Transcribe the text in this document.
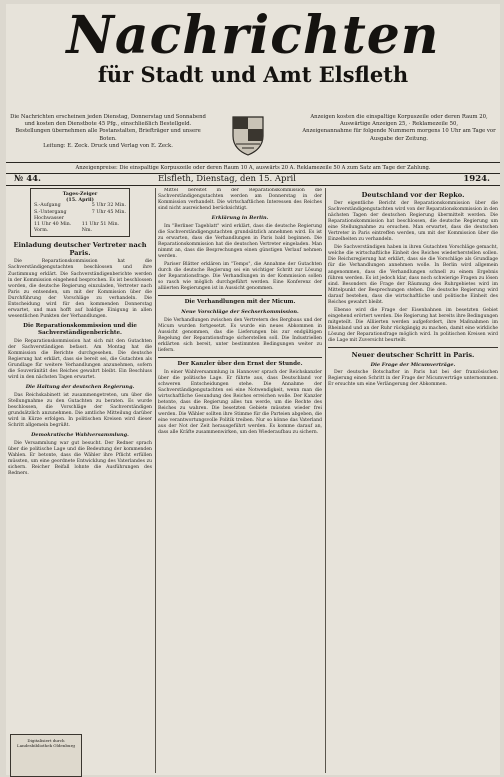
Nachrichten
für Stadt und Amt Elsfleth
Die Nachrichten erscheinen jeden Dienstag, Donnerstag und Sonnabend
und kosten den Dienstbote 45 Pfg., einschließlich Bestellgeld.
Bestellungen übernehmen alle Postanstalten, Briefträger und unsere Boten.
Leitung: E. Zeck. Druck und Verlag von E. Zeck.
Anzeigen kosten die einspaltige Korpuszeile oder deren Raum 20,
Auswärtige Anzeigen 25, · Reklamezeile 50,
Anzeigenannahme für folgende Nummern morgens 10 Uhr am Tage vor
Ausgabe der Zeitung.
Anzeigenpreise: Die einspaltige Korpuszeile oder deren Raum 10 A, auswärts 20 A. Reklamezeile 50 A zum Satz am Tage der Zahlung.
№ 44.	Elsfleth, Dienstag, den 15. April	1924.
Tages-Zeiger
(15. April)
S.-Aufgang	5 Uhr 32 Min.
S.-Untergang	7 Uhr 45 Min.
Hochwasser
11 Uhr 40 Min. Vorm.
11 Uhr 51 Min. Nm.
Einladung deutscher Vertreter nach Paris.

Die Reparationskommission hat die Sachverständigengutachten beschlossen und ihre Zustimmung erklärt. Die Sachverständigenberichte werden in der Kommission eingehend besprochen. Es ist beschlossen worden, die deutsche Regierung einzuladen, Vertreter nach Paris zu entsenden, um mit der Kommission über die Durchführung der Vorschläge zu verhandeln. Die Entscheidung wird für den kommenden Donnerstag erwartet, und man hofft auf baldige Einigung in allen wesentlichen Punkten der Verhandlungen.

Die Reparationskommission und die Sachverständigenberichte.

Die Reparationskommission hat sich mit den Gutachten der Sachverständigen befasst. Am Montag hat die Kommission die Berichte durchgesehen. Die deutsche Regierung hat erklärt, dass sie bereit sei, die Gutachten als Grundlage für weitere Verhandlungen anzunehmen, sofern die Souveränität des Reiches gewahrt bleibt. Ein Beschluss wird in den nächsten Tagen erwartet.

Die Haltung der deutschen Regierung.

Das Reichskabinett ist zusammengetreten, um über die Stellungnahme zu den Gutachten zu beraten. Es wurde beschlossen, die Vorschläge der Sachverständigen grundsätzlich anzunehmen. Die amtliche Mitteilung darüber wird in Kürze erfolgen. In politischen Kreisen wird dieser Schritt allgemein begrüßt.

Demokratische Wahlversammlung.

Die Versammlung war gut besucht. Der Redner sprach über die politische Lage und die Bedeutung der kommenden Wahlen. Er betonte, dass die Wähler ihre Pflicht erfüllen müssten, um eine geordnete Entwicklung des Vaterlandes zu sichern. Reicher Beifall lohnte die Ausführungen des Redners.

Mittel bereitet in der Reparationskommission die Sachverständigengutachten werden am Donnerstag in der Kommission verhandelt. Die wirtschaftlichen Interessen des Reiches sind nicht ausreichend berücksichtigt.

Erklärung in Berlin.

Im "Berliner Tageblatt" wird erklärt, dass die deutsche Regierung die Sachverständigengutachten grundsätzlich annehmen wird. Es ist zu erwarten, dass die Verhandlungen in Paris bald beginnen. Die Reparationskommission hat die deutschen Vertreter eingeladen. Man nimmt an, dass die Besprechungen einen günstigen Verlauf nehmen werden.

Pariser Blätter erklären im "Temps", die Annahme der Gutachten durch die deutsche Regierung sei ein wichtiger Schritt zur Lösung der Reparationsfrage. Die Verhandlungen in der Kommission sollen so rasch wie möglich durchgeführt werden. Eine Konferenz der alliierten Regierungen ist in Aussicht genommen.

Die Verhandlungen mit der Micum.
Neue Vorschläge der Sechserkommission.

Die Verhandlungen zwischen den Vertretern des Bergbaus und der Micum wurden fortgesetzt. Es wurde ein neues Abkommen in Aussicht genommen, das die Lieferungen bis zur endgültigen Regelung der Reparationsfrage sicherstellen soll. Die Industriellen erklärten sich bereit, unter bestimmten Bedingungen weiter zu liefern.

Der Kanzler über den Ernst der Stunde.

In einer Wahlversammlung in Hannover sprach der Reichskanzler über die politische Lage. Er führte aus, dass Deutschland vor schweren Entscheidungen stehe. Die Annahme der Sachverständigengutachten sei eine Notwendigkeit, wenn man die wirtschaftliche Gesundung des Reiches erreichen wolle. Der Kanzler betonte, dass die Regierung alles tun werde, um die Rechte des Reiches zu wahren. Die besetzten Gebiete müssten wieder frei werden. Die Wähler sollten ihre Stimme für die Parteien abgeben, die eine verantwortungsvolle Politik treiben. Nur so könne das Vaterland aus der Not der Zeit herausgeführt werden. Es komme darauf an, dass alle Kräfte zusammenwirken, um den Wiederaufbau zu sichern.

Deutschland vor der Repko.

Der eigentliche Bericht der Reparationskommission über die Sachverständigengutachten wird von der Reparationskommission in den nächsten Tagen der deutschen Regierung übermittelt werden. Die Reparationskommission hat beschlossen, die deutsche Regierung um eine Stellungnahme zu ersuchen. Man erwartet, dass die deutschen Vertreter in Paris eintreffen werden, um mit der Kommission über die Einzelheiten zu verhandeln.

Die Sachverständigen haben in ihren Gutachten Vorschläge gemacht, welche die wirtschaftliche Einheit des Reiches wiederherstellen sollen. Die Reichsregierung hat erklärt, dass sie die Vorschläge als Grundlage für die Verhandlungen annehmen wolle. In Berlin wird allgemein angenommen, dass die Verhandlungen schnell zu einem Ergebnis führen werden. Es ist jedoch klar, dass noch schwierige Fragen zu lösen sind. Besonders die Frage der Räumung des Ruhrgebietes wird im Mittelpunkt der Besprechungen stehen. Die deutsche Regierung wird darauf bestehen, dass die wirtschaftliche und politische Einheit des Reiches gewahrt bleibt.

Ebenso wird die Frage der Eisenbahnen im besetzten Gebiet eingehend erörtert werden. Die Regierung hat bereits ihre Bedingungen mitgeteilt. Die Alliierten werden aufgefordert, ihre Maßnahmen im Rheinland und an der Ruhr rückgängig zu machen, damit eine wirkliche Lösung der Reparationsfrage möglich wird. In politischen Kreisen wird die Lage mit Zuversicht beurteilt.

Neuer deutscher Schritt in Paris.
Die Frage der Micumverträge.

Der deutsche Botschafter in Paris hat bei der französischen Regierung einen Schritt in der Frage der Micumverträge unternommen. Er ersuchte um eine Verlängerung der Abkommen.

Digitalisiert durch
Landesbibliothek Oldenburg
